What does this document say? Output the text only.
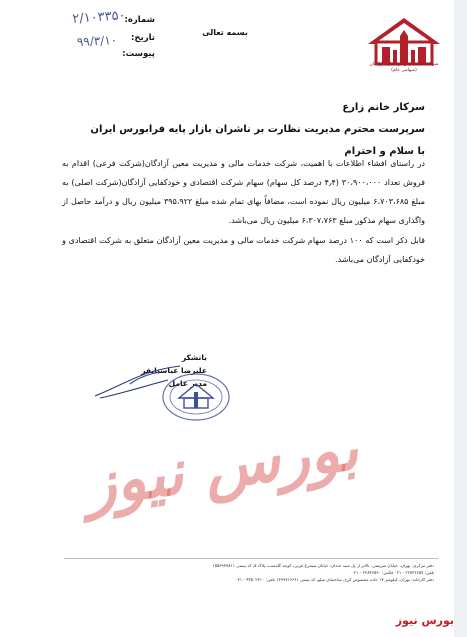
۲/۱۰۳۳۵۰
۹۹/۳/۱۰
شماره:
تاریخ:
پیوست:
بسمه تعالی
شرکت اقتصادی و خودکفایی آزادگان
(سهامی عام)
سرکار خانم زارع
سرپرست محترم مدیریت نظارت بر ناشران بازار پایه فرابورس ایران
با سلام و احترام
در راستای افشاء اطلاعات با اهمیت، شرکت خدمات مالی و مدیریت معین آزادگان(شرکت فرعی) اقدام به فروش تعداد ۳۰،۹۰۰،۰۰۰ (۴٫۴ درصد کل سهام) سهام شرکت اقتصادی و خودکفایی آزادگان(شرکت اصلی) به مبلغ ۶،۷۰۳،۶۸۵ میلیون ریال نموده است، مضافاً بهای تمام شده مبلغ ۳۹۵،۹۲۲ میلیون ریال و درآمد حاصل از واگذاری سهام مذکور مبلغ ۶،۳۰۷،۷۶۳ میلیون ریال می‌باشد.
قابل ذکر است که ۱۰۰ درصد سهام شرکت خدمات مالی و مدیریت معین آزادگان متعلق به شرکت اقتصادی و خودکفایی آزادگان می‌باشد.
باتشکر
علیرضا عباسیانفر
مدیر عامل
بورس نیوز
دفتر مرکزی: تهران، خیابان شریعتی، بالاتر از پل سید خندان، خیابان سیمرغ غربی، کوچه گلدشت، پلاک ۵، کد پستی ۱۵۵۳۹۳۷۸۱۱
تلفن: ۲۲۸۴۶۶۵۷ - ۰۲۱ فکس: ۲۲۸۴۶۵۹۰ - ۰۲۱
دفتر کارخانه: تهران، کیلومتر ۱۷ جاده مخصوص کرج، ساختمان میلو، کد پستی ۱۳۹۹۷۱۶۶۶۱ تلفن: ۴۴۵۰۲۳۱۰ - ۰۲۱
بورس نیوز
